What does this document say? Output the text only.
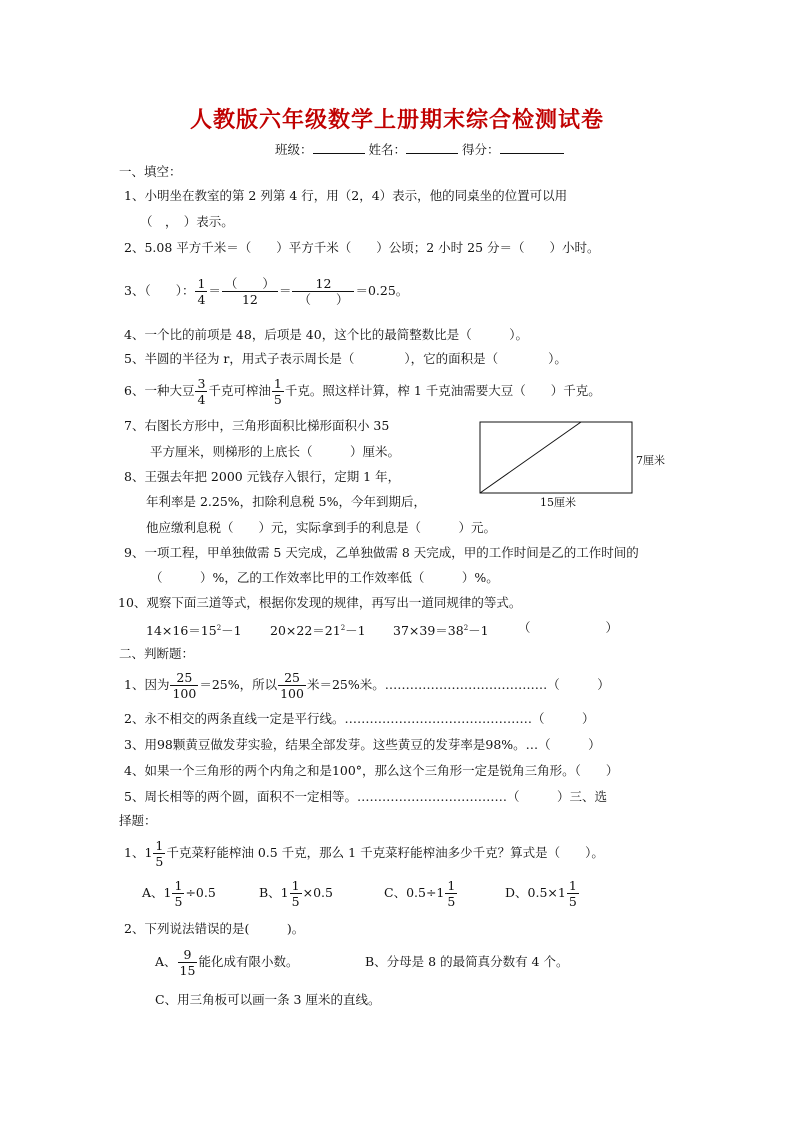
人教版六年级数学上册期末综合检测试卷
班级：	姓名：	得分：
一、填空：
1、小明坐在教室的第 2 列第 4 行，用（2，4）表示，他的同桌坐的位置可以用
（　，　）表示。
2、5.08 平方千米＝（　　）平方千米（　　）公顷；2 小时 25 分＝（　　）小时。
3、（　　）： $\frac{1}{4} = \frac{( )}{12} = \frac{12}{( )} =0.25$。
4、一个比的前项是 48，后项是 40，这个比的最简整数比是（　　　）。
5、半圆的半径为 r，用式子表示周长是（　　　　），它的面积是（　　　　）。
6、一种大豆 $\frac{3}{4}$ 千克可榨油 $\frac{1}{5}$ 千克。照这样计算，榨 1 千克油需要大豆（　　）千克。
7、右图长方形中，三角形面积比梯形面积小 35
平方厘米，则梯形的上底长（　　　）厘米。
8、王强去年把 2000 元钱存入银行，定期 1 年，
年利率是 2.25%，扣除利息税 5%，今年到期后，
他应缴利息税（　　）元，实际拿到手的利息是（　　　）元。
7厘米
15厘米
9、一项工程，甲单独做需 5 天完成，乙单独做需 8 天完成，甲的工作时间是乙的工作时间的
（　　　）%，乙的工作效率比甲的工作效率低（　　　）%。
10、观察下面三道等式，根据你发现的规律，再写出一道同规律的等式。
$14\times 16=15^2-1$ $20\times 22=21^2-1$ $37\times 39=38^2-1$ （　　　　　　）
二、判断题：
1、因为 $\frac{25}{100} =25\%$，所以 $\frac{25}{100}$ 米＝25%米。…………………………………（　　　）
2、永不相交的两条直线一定是平行线。………………………………………（　　　）
3、用98颗黄豆做发芽实验，结果全部发芽。这些黄豆的发芽率是98%。…（　　　）
4、如果一个三角形的两个内角之和是100°，那么这个三角形一定是锐角三角形。（　　）
5、周长相等的两个圆，面积不一定相等。………………………………（　　　）三、选
择题：
1、$1 \frac{1}{5}$ 千克菜籽能榨油 0.5 千克，那么 1 千克菜籽能榨油多少千克？算式是（　　）。
A、$1 \frac{1}{5} \div 0.5$	B、$1 \frac{1}{5} \times 0.5$	C、$0.5\div 1 \frac{1}{5}$	D、$0.5\times 1 \frac{1}{5}$
2、下列说法错误的是(　　　)。
A、 $\frac{9}{15}$ 能化成有限小数。	B、分母是 8 的最简真分数有 4 个。
C、用三角板可以画一条 3 厘米的直线。
